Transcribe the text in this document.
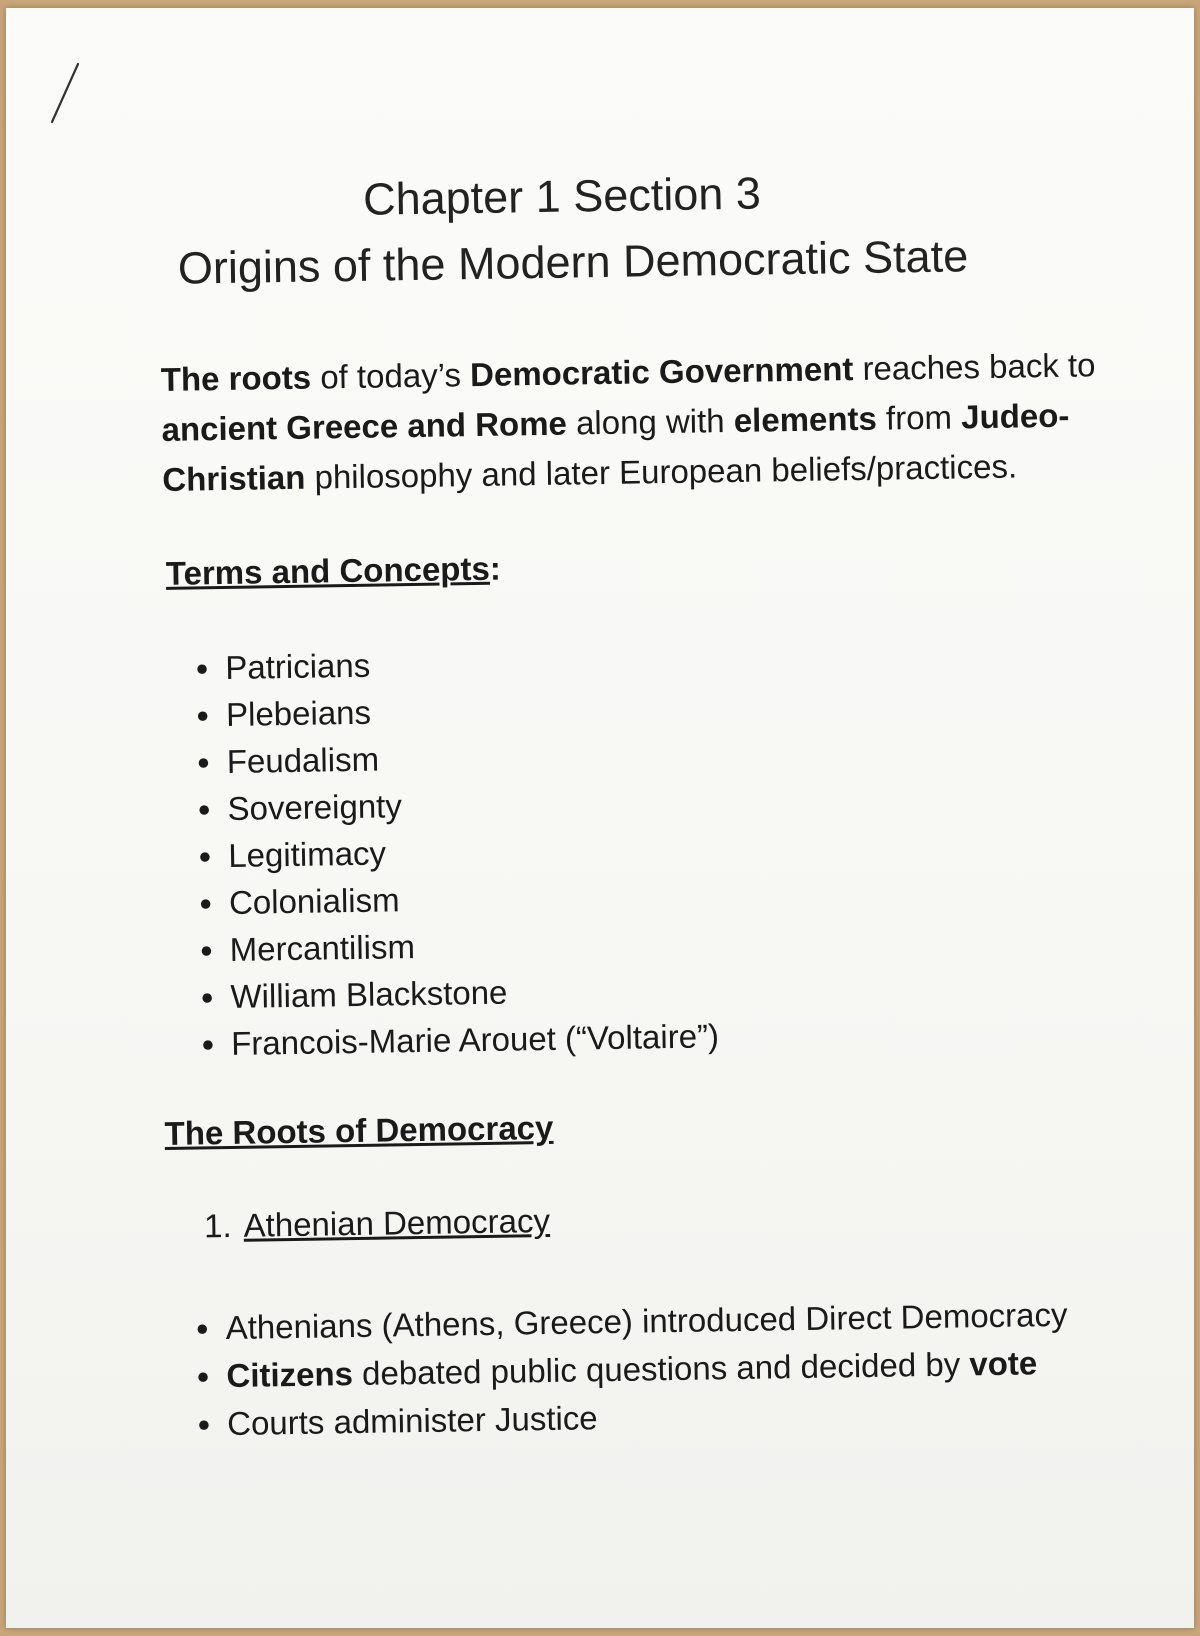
Chapter 1 Section 3
Origins of the Modern Democratic State

The roots of today’s Democratic Government reaches back to ancient Greece and Rome along with elements from Judeo-Christian philosophy and later European beliefs/practices.

Terms and Concepts:
● Patricians
● Plebeians
● Feudalism
● Sovereignty
● Legitimacy
● Colonialism
● Mercantilism
● William Blackstone
● Francois-Marie Arouet (“Voltaire”)
The Roots of Democracy

1. Athenian Democracy

● Athenians (Athens, Greece) introduced Direct Democracy
● Citizens debated public questions and decided by vote
● Courts administer Justice
